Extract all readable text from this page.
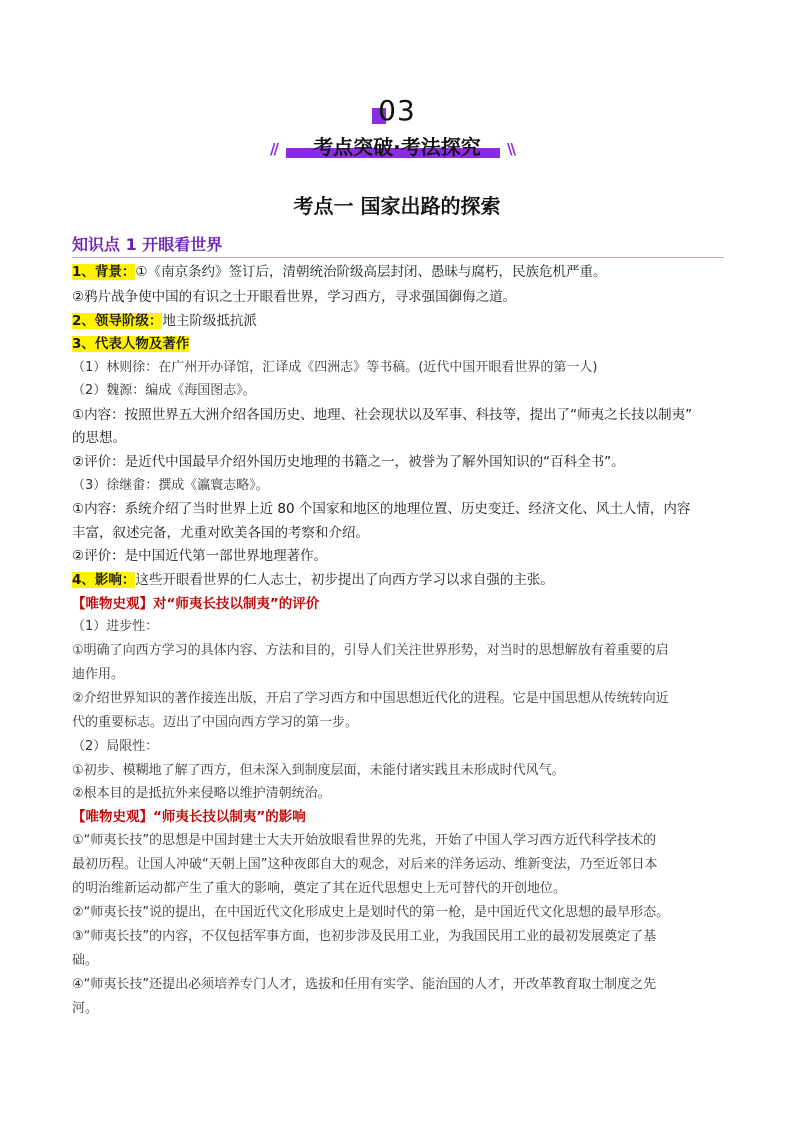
03
//	\\
考点突破·考法探究
考点一 国家出路的探索
知识点 1 开眼看世界
1、背景：①《南京条约》签订后，清朝统治阶级高层封闭、愚昧与腐朽，民族危机严重。
②鸦片战争使中国的有识之士开眼看世界，学习西方，寻求强国御侮之道。
2、领导阶级：地主阶级抵抗派
3、代表人物及著作
（1）林则徐：在广州开办译馆，汇译成《四洲志》等书稿。(近代中国开眼看世界的第一人)
（2）魏源：编成《海国图志》。
①内容：按照世界五大洲介绍各国历史、地理、社会现状以及军事、科技等，提出了“师夷之长技以制夷”
的思想。
②评价：是近代中国最早介绍外国历史地理的书籍之一，被誉为了解外国知识的“百科全书”。
（3）徐继畬：撰成《瀛寰志略》。
①内容：系统介绍了当时世界上近 80 个国家和地区的地理位置、历史变迁、经济文化、风土人情，内容
丰富，叙述完备，尤重对欧美各国的考察和介绍。
②评价：是中国近代第一部世界地理著作。
4、影响：这些开眼看世界的仁人志士，初步提出了向西方学习以求自强的主张。
【唯物史观】对“师夷长技以制夷”的评价
（1）进步性：
①明确了向西方学习的具体内容、方法和目的，引导人们关注世界形势，对当时的思想解放有着重要的启
迪作用。
②介绍世界知识的著作接连出版，开启了学习西方和中国思想近代化的进程。它是中国思想从传统转向近
代的重要标志。迈出了中国向西方学习的第一步。
（2）局限性：
①初步、模糊地了解了西方，但未深入到制度层面，未能付诸实践且未形成时代风气。
②根本目的是抵抗外来侵略以维护清朝统治。
【唯物史观】“师夷长技以制夷”的影响
①“师夷长技”的思想是中国封建士大夫开始放眼看世界的先兆，开始了中国人学习西方近代科学技术的
最初历程。让国人冲破“天朝上国”这种夜郎自大的观念，对后来的洋务运动、维新变法，乃至近邻日本
的明治维新运动都产生了重大的影响，奠定了其在近代思想史上无可替代的开创地位。
②“师夷长技”说的提出，在中国近代文化形成史上是划时代的第一枪，是中国近代文化思想的最早形态。
③“师夷长技”的内容，不仅包括军事方面，也初步涉及民用工业，为我国民用工业的最初发展奠定了基
础。
④“师夷长技”还提出必须培养专门人才，选拔和任用有实学、能治国的人才，开改革教育取士制度之先
河。
